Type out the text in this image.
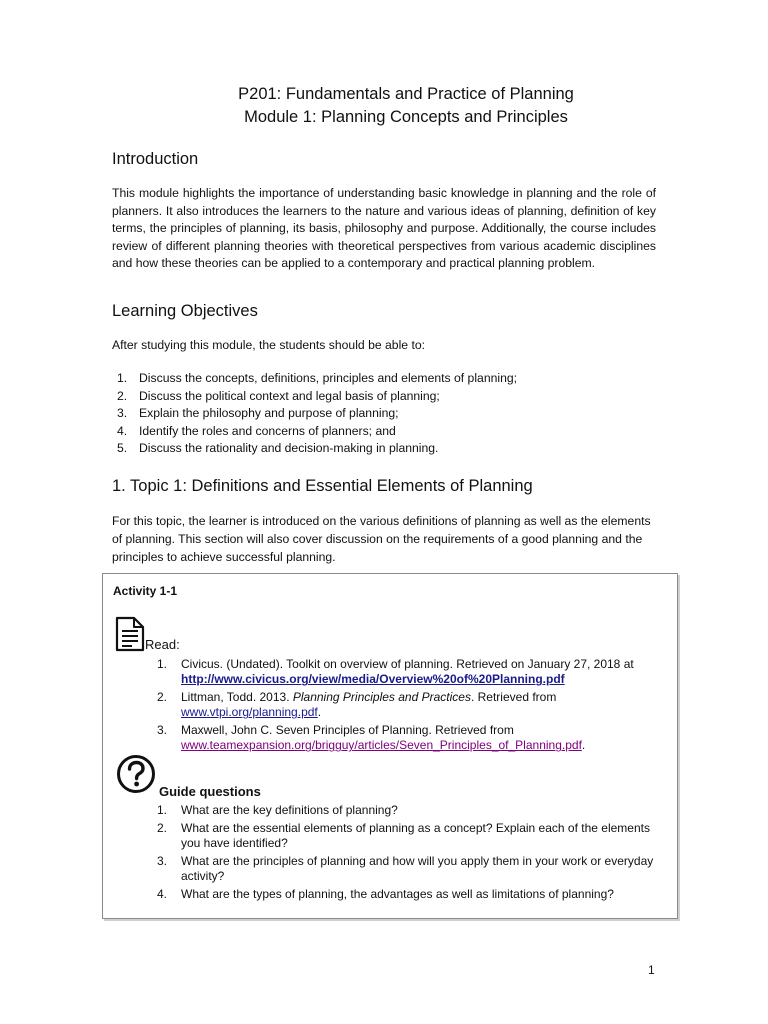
P201: Fundamentals and Practice of Planning
Module 1: Planning Concepts and Principles
Introduction

This module highlights the importance of understanding basic knowledge in planning and the role of planners. It also introduces the learners to the nature and various ideas of planning, definition of key terms, the principles of planning, its basis, philosophy and purpose. Additionally, the course includes review of different planning theories with theoretical perspectives from various academic disciplines and how these theories can be applied to a contemporary and practical planning problem.

Learning Objectives

After studying this module, the students should be able to:

1. Discuss the concepts, definitions, principles and elements of planning;
2. Discuss the political context and legal basis of planning;
3. Explain the philosophy and purpose of planning;
4. Identify the roles and concerns of planners; and
5. Discuss the rationality and decision-making in planning.
1. Topic 1: Definitions and Essential Elements of Planning

For this topic, the learner is introduced on the various definitions of planning as well as the elements of planning. This section will also cover discussion on the requirements of a good planning and the principles to achieve successful planning.

Activity 1-1
Read:
1. Civicus. (Undated). Toolkit on overview of planning. Retrieved on January 27, 2018 at http://www.civicus.org/view/media/Overview%20of%20Planning.pdf
2. Littman, Todd. 2013. Planning Principles and Practices. Retrieved from www.vtpi.org/planning.pdf.
3. Maxwell, John C. Seven Principles of Planning. Retrieved from www.teamexpansion.org/brigguy/articles/Seven_Principles_of_Planning.pdf.
Guide questions
1. What are the key definitions of planning?
2. What are the essential elements of planning as a concept? Explain each of the elements you have identified?
3. What are the principles of planning and how will you apply them in your work or everyday activity?
4. What are the types of planning, the advantages as well as limitations of planning?
1
